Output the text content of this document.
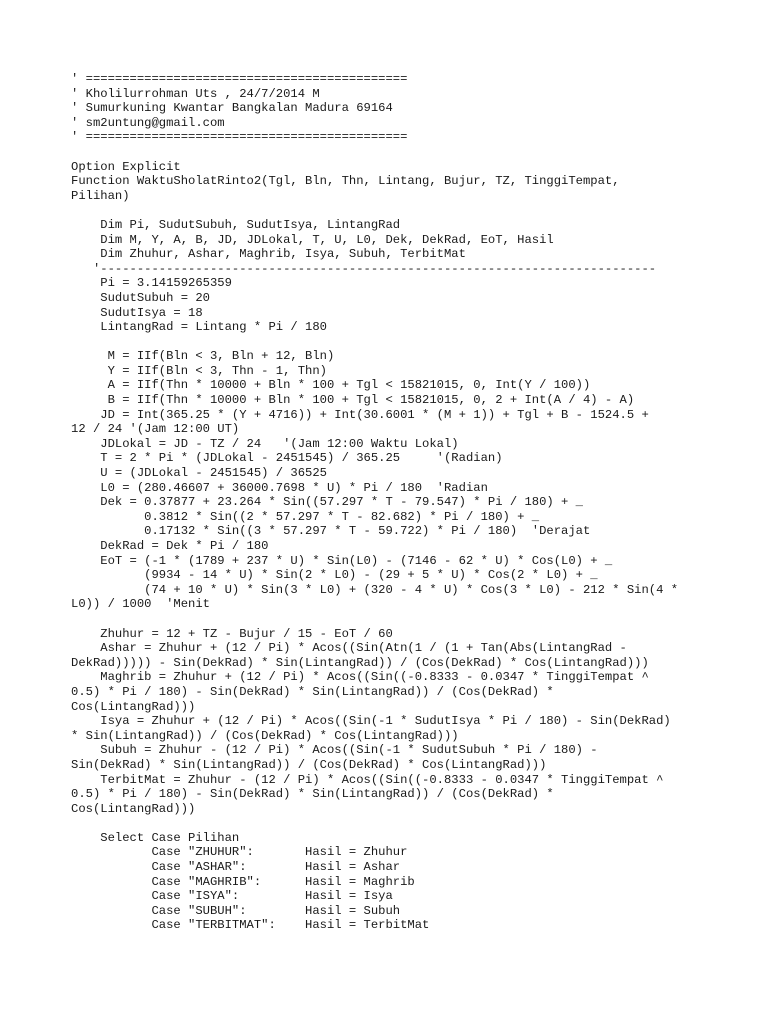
' ============================================
' Kholilurrohman Uts , 24/7/2014 M
' Sumurkuning Kwantar Bangkalan Madura 69164
' sm2untung@gmail.com
' ============================================
Option Explicit
Function WaktuSholatRinto2(Tgl, Bln, Thn, Lintang, Bujur, TZ, TinggiTempat,
Pilihan)
Dim Pi, SudutSubuh, SudutIsya, LintangRad
Dim M, Y, A, B, JD, JDLokal, T, U, L0, Dek, DekRad, EoT, Hasil
Dim Zhuhur, Ashar, Maghrib, Isya, Subuh, TerbitMat
'----------------------------------------------------------------------------
Pi = 3.14159265359
SudutSubuh = 20
SudutIsya = 18
LintangRad = Lintang * Pi / 180
M = IIf(Bln < 3, Bln + 12, Bln)
Y = IIf(Bln < 3, Thn - 1, Thn)
A = IIf(Thn * 10000 + Bln * 100 + Tgl < 15821015, 0, Int(Y / 100))
B = IIf(Thn * 10000 + Bln * 100 + Tgl < 15821015, 0, 2 + Int(A / 4) - A)
JD = Int(365.25 * (Y + 4716)) + Int(30.6001 * (M + 1)) + Tgl + B - 1524.5 +
12 / 24 '(Jam 12:00 UT)
JDLokal = JD - TZ / 24   '(Jam 12:00 Waktu Lokal)
T = 2 * Pi * (JDLokal - 2451545) / 365.25     '(Radian)
U = (JDLokal - 2451545) / 36525
L0 = (280.46607 + 36000.7698 * U) * Pi / 180  'Radian
Dek = 0.37877 + 23.264 * Sin((57.297 * T - 79.547) * Pi / 180) + _
0.3812 * Sin((2 * 57.297 * T - 82.682) * Pi / 180) + _
0.17132 * Sin((3 * 57.297 * T - 59.722) * Pi / 180)  'Derajat
DekRad = Dek * Pi / 180
EoT = (-1 * (1789 + 237 * U) * Sin(L0) - (7146 - 62 * U) * Cos(L0) + _
(9934 - 14 * U) * Sin(2 * L0) - (29 + 5 * U) * Cos(2 * L0) + _
(74 + 10 * U) * Sin(3 * L0) + (320 - 4 * U) * Cos(3 * L0) - 212 * Sin(4 *
L0)) / 1000  'Menit
Zhuhur = 12 + TZ - Bujur / 15 - EoT / 60
Ashar = Zhuhur + (12 / Pi) * Acos((Sin(Atn(1 / (1 + Tan(Abs(LintangRad -
DekRad))))) - Sin(DekRad) * Sin(LintangRad)) / (Cos(DekRad) * Cos(LintangRad)))
Maghrib = Zhuhur + (12 / Pi) * Acos((Sin((-0.8333 - 0.0347 * TinggiTempat ^
0.5) * Pi / 180) - Sin(DekRad) * Sin(LintangRad)) / (Cos(DekRad) *
Cos(LintangRad)))
Isya = Zhuhur + (12 / Pi) * Acos((Sin(-1 * SudutIsya * Pi / 180) - Sin(DekRad)
* Sin(LintangRad)) / (Cos(DekRad) * Cos(LintangRad)))
Subuh = Zhuhur - (12 / Pi) * Acos((Sin(-1 * SudutSubuh * Pi / 180) -
Sin(DekRad) * Sin(LintangRad)) / (Cos(DekRad) * Cos(LintangRad)))
TerbitMat = Zhuhur - (12 / Pi) * Acos((Sin((-0.8333 - 0.0347 * TinggiTempat ^
0.5) * Pi / 180) - Sin(DekRad) * Sin(LintangRad)) / (Cos(DekRad) *
Cos(LintangRad)))
Select Case Pilihan
Case "ZHUHUR":       Hasil = Zhuhur
Case "ASHAR":        Hasil = Ashar
Case "MAGHRIB":      Hasil = Maghrib
Case "ISYA":         Hasil = Isya
Case "SUBUH":        Hasil = Subuh
Case "TERBITMAT":    Hasil = TerbitMat
